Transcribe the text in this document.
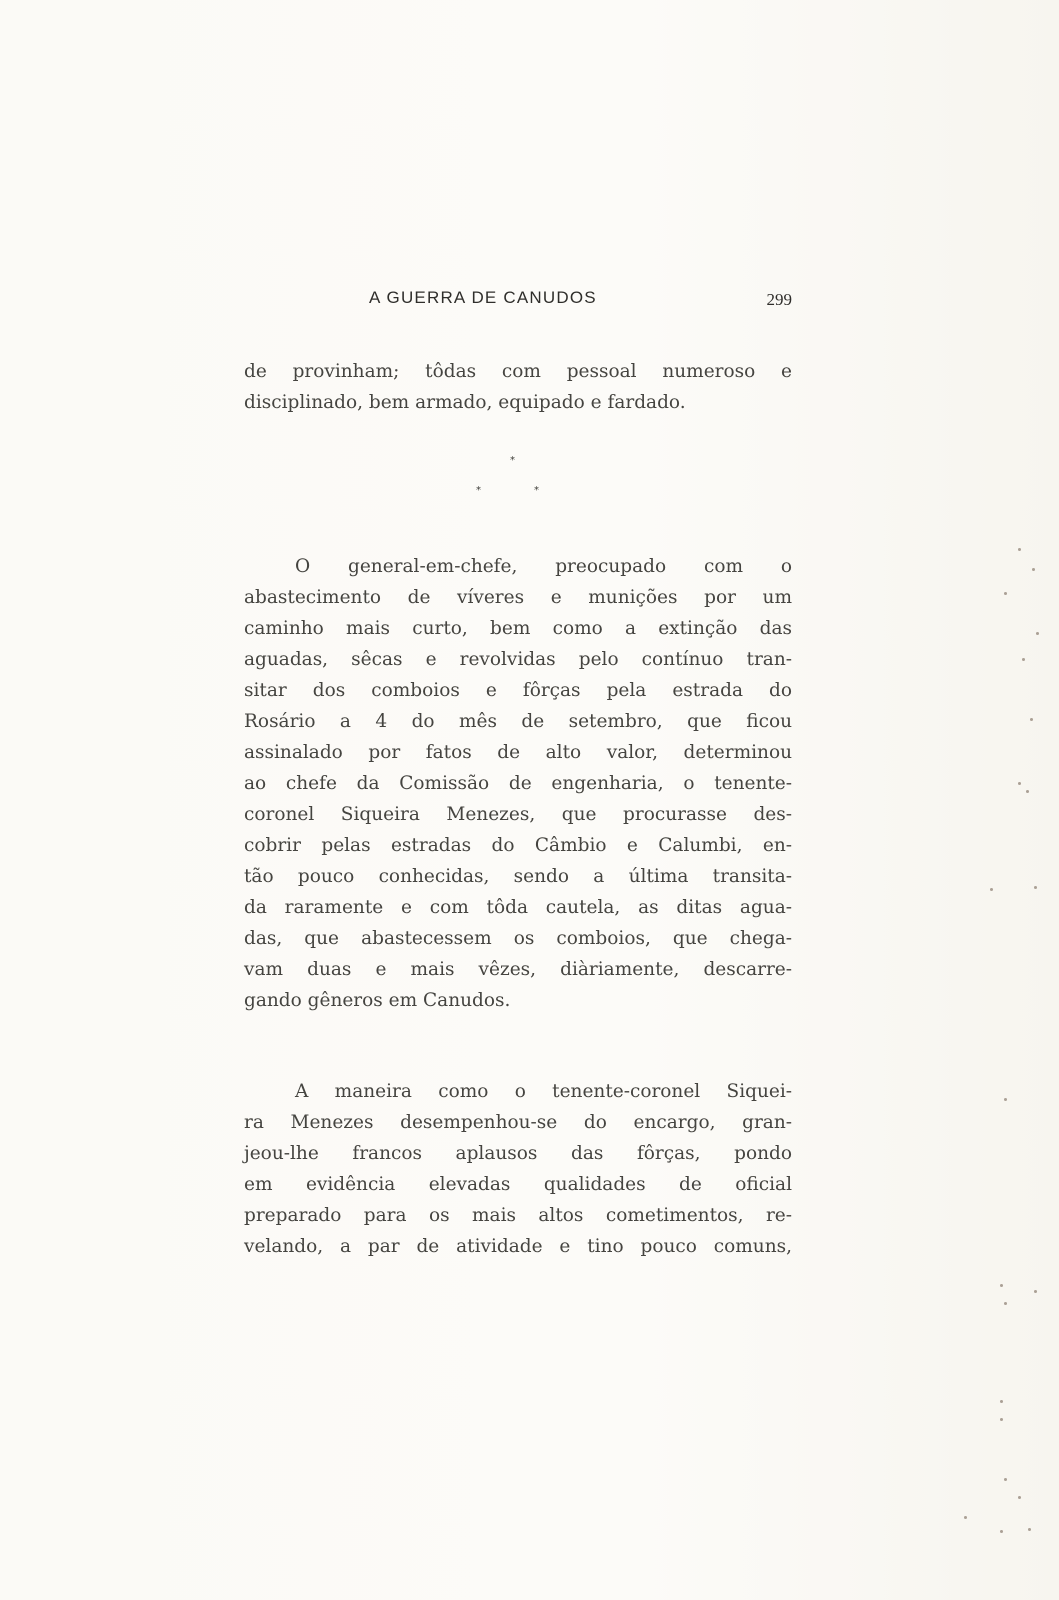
A GUERRA DE CANUDOS	299
de provinham; tôdas com pessoal numeroso e
disciplinado, bem armado, equipado e fardado.
*
*	*
O general-em-chefe, preocupado com o
abastecimento de víveres e munições por um
caminho mais curto, bem como a extinção das
aguadas, sêcas e revolvidas pelo contínuo tran-
sitar dos comboios e fôrças pela estrada do
Rosário a 4 do mês de setembro, que ficou
assinalado por fatos de alto valor, determinou
ao chefe da Comissão de engenharia, o tenente-
coronel Siqueira Menezes, que procurasse des-
cobrir pelas estradas do Câmbio e Calumbi, en-
tão pouco conhecidas, sendo a última transita-
da raramente e com tôda cautela, as ditas agua-
das, que abastecessem os comboios, que chega-
vam duas e mais vêzes, diàriamente, descarre-
gando gêneros em Canudos.
A maneira como o tenente-coronel Siquei-
ra Menezes desempenhou-se do encargo, gran-
jeou-lhe francos aplausos das fôrças, pondo
em evidência elevadas qualidades de oficial
preparado para os mais altos cometimentos, re-
velando, a par de atividade e tino pouco comuns,
